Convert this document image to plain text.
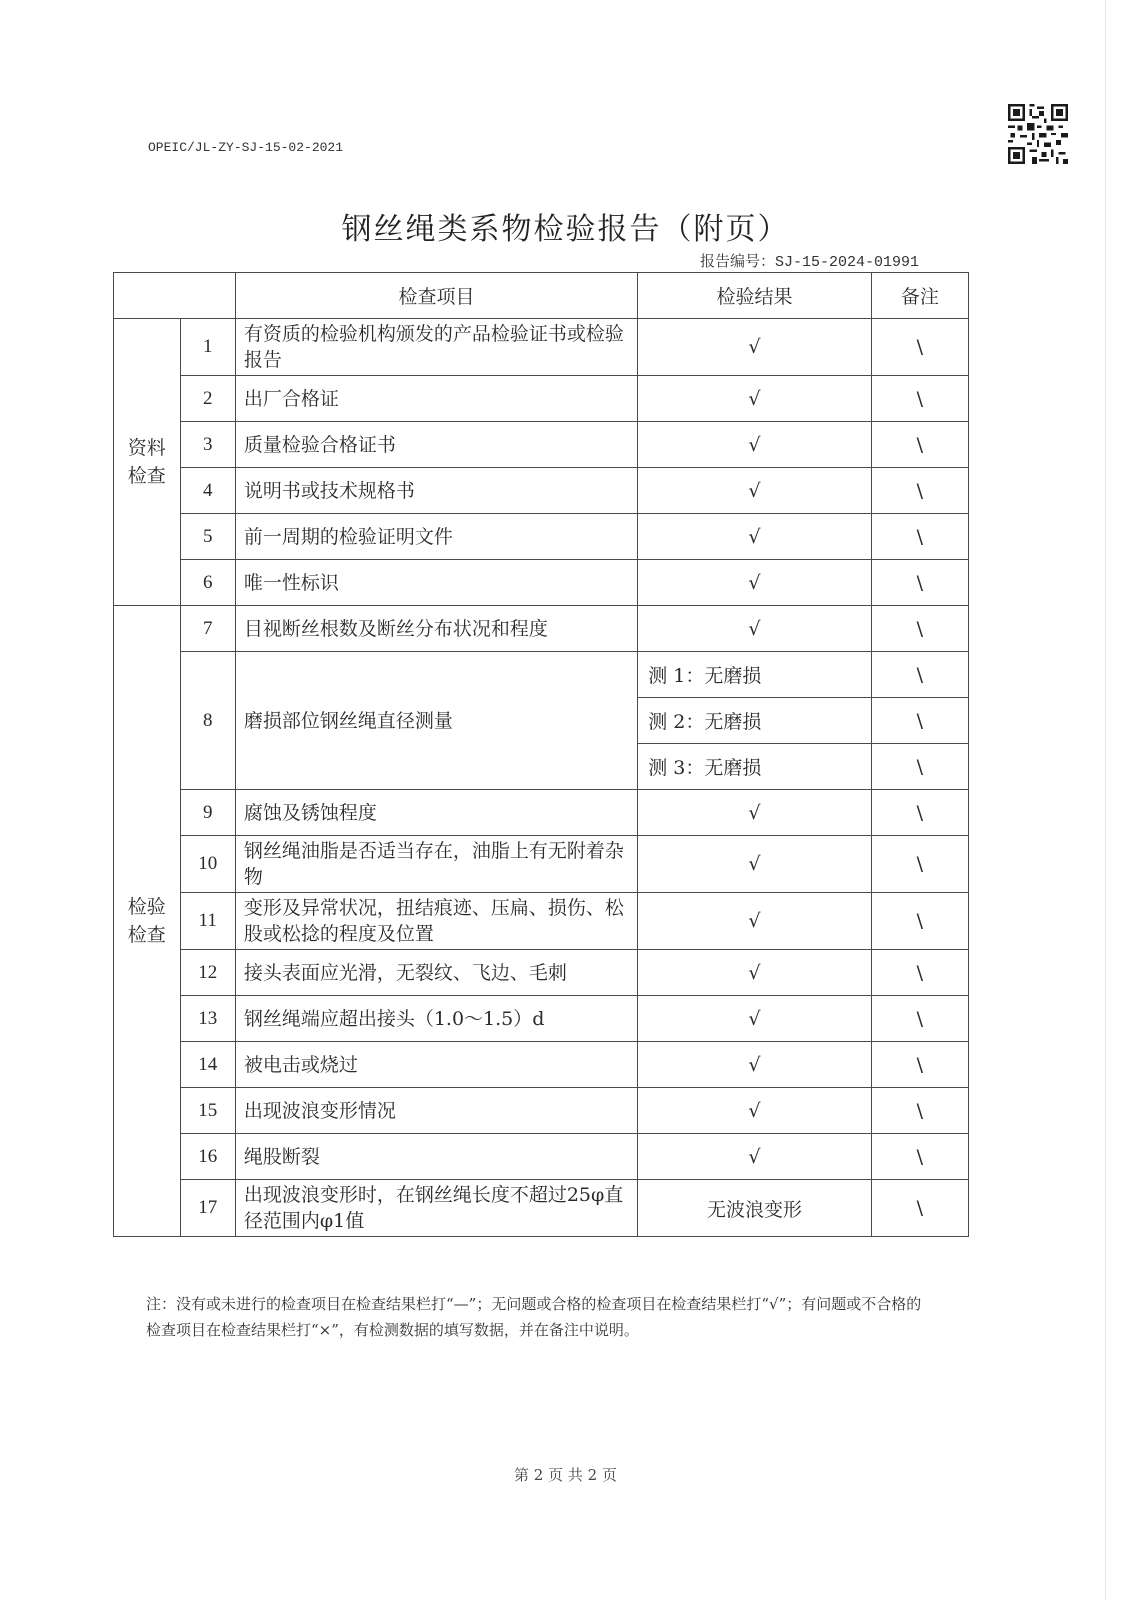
OPEIC/JL-ZY-SJ-15-02-2021
钢丝绳类系物检验报告（附页）
报告编号：SJ-15-2024-01991
		检查项目	检验结果	备注

资料
检查	1	有资质的检验机构颁发的产品检验证书或检验报告	√	\
	2	出厂合格证	√	\
	3	质量检验合格证书	√	\
	4	说明书或技术规格书	√	\
	5	前一周期的检验证明文件	√	\
	6	唯一性标识	√	\

检验
检查	7	目视断丝根数及断丝分布状况和程度	√	\
	8	磨损部位钢丝绳直径测量	测 1：无磨损	\
			测 2：无磨损	\
			测 3：无磨损	\
	9	腐蚀及锈蚀程度	√	\
	10	钢丝绳油脂是否适当存在，油脂上有无附着杂物	√	\
	11	变形及异常状况，扭结痕迹、压扁、损伤、松股或松捻的程度及位置	√	\
	12	接头表面应光滑，无裂纹、飞边、毛刺	√	\
	13	钢丝绳端应超出接头（1.0～1.5）d	√	\
	14	被电击或烧过	√	\
	15	出现波浪变形情况	√	\
	16	绳股断裂	√	\
	17	出现波浪变形时，在钢丝绳长度不超过25φ直径范围内φ1值	无波浪变形	\
注：没有或未进行的检查项目在检查结果栏打“—”；无问题或合格的检查项目在检查结果栏打“√”；有问题或不合格的检查项目在检查结果栏打“×”，有检测数据的填写数据，并在备注中说明。
第 2 页 共 2 页
